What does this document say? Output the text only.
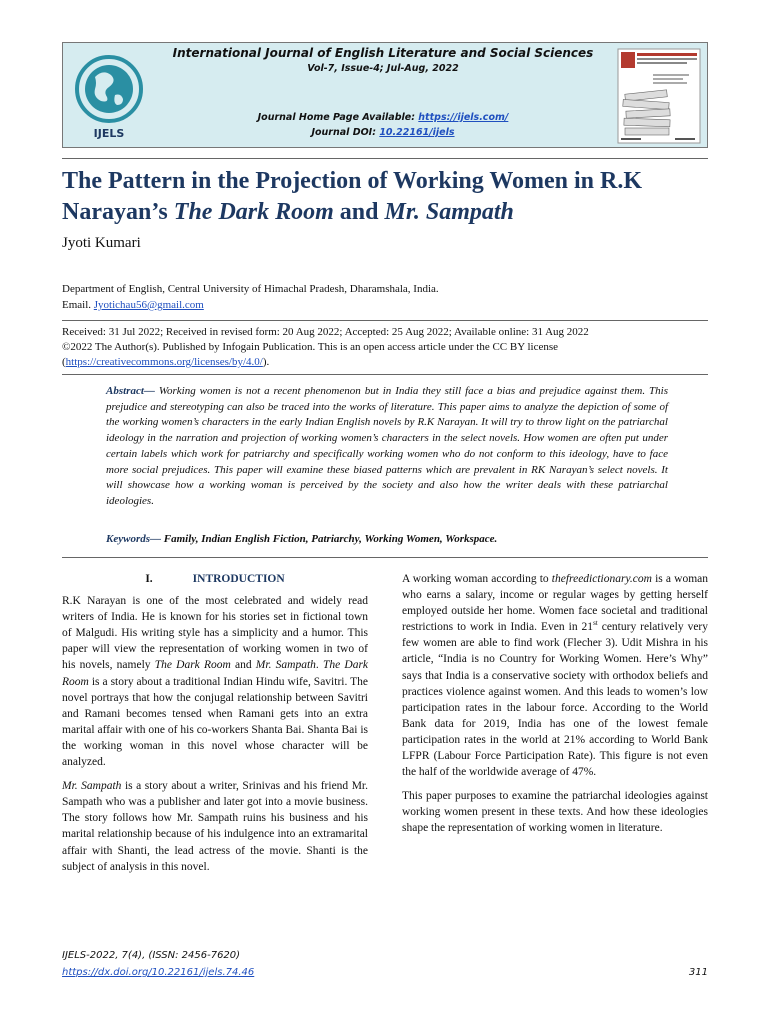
IJELS
International Journal of English Literature and Social Sciences
Vol-7, Issue-4; Jul-Aug, 2022
Journal Home Page Available: https://ijels.com/
Journal DOI: 10.22161/ijels
The Pattern in the Projection of Working Women in R.K
Narayan’s The Dark Room and Mr. Sampath
Jyoti Kumari
Department of English, Central University of Himachal Pradesh, Dharamshala, India.
Email. Jyotichau56@gmail.com
Received: 31 Jul 2022; Received in revised form: 20 Aug 2022; Accepted: 25 Aug 2022; Available online: 31 Aug 2022
©2022 The Author(s). Published by Infogain Publication. This is an open access article under the CC BY license
(https://creativecommons.org/licenses/by/4.0/).
Abstract— Working women is not a recent phenomenon but in India they still face a bias and prejudice against them. This prejudice and stereotyping can also be traced into the works of literature. This paper aims to analyze the depiction of some of the working women’s characters in the early Indian English novels by R.K Narayan. It will try to throw light on the patriarchal ideology in the narration and projection of working women’s characters in the select novels. How women are often put under certain labels which work for patriarchy and specifically working women who do not conform to this ideology, have to face more social prejudices. This paper will examine these biased patterns which are prevalent in RK Narayan’s select novels. It will showcase how a working woman is perceived by the society and also how the writer deals with these patriarchal ideologies.
Keywords— Family, Indian English Fiction, Patriarchy, Working Women, Workspace.
I.	INTRODUCTION

R.K Narayan is one of the most celebrated and widely read writers of India. He is known for his stories set in fictional town of Malgudi. His writing style has a simplicity and a humor. This paper will view the representation of working women in two of his novels, namely The Dark Room and Mr. Sampath. The Dark Room is a story about a traditional Indian Hindu wife, Savitri. The novel portrays that how the conjugal relationship between Savitri and Ramani becomes tensed when Ramani gets into an extra marital affair with one of his co-workers Shanta Bai. Shanta Bai is the working woman in this novel whose character will be analyzed.

Mr. Sampath is a story about a writer, Srinivas and his friend Mr. Sampath who was a publisher and later got into a movie business. The story follows how Mr. Sampath ruins his business and his marital relationship because of his indulgence into an extramarital affair with Shanti, the lead actress of the movie. Shanti is the subject of analysis in this novel.

A working woman according to thefreedictionary.com is a woman who earns a salary, income or regular wages by getting herself employed outside her home. Women face societal and traditional restrictions to work in India. Even in 21st century relatively very few women are able to find work (Flecher 3). Udit Mishra in his article, “India is no Country for Working Women. Here’s Why” says that India is a conservative society with orthodox beliefs and practices violence against women. And this leads to women’s low participation rates in the labour force. According to the World Bank data for 2019, India has one of the lowest female participation rates in the world at 21% according to World Bank LFPR (Labour Force Participation Rate). This figure is not even the half of the worldwide average of 47%.

This paper purposes to examine the patriarchal ideologies against working women present in these texts. And how these ideologies shape the representation of working women in literature.

IJELS-2022, 7(4), (ISSN: 2456-7620)
https://dx.doi.org/10.22161/ijels.74.46	311
